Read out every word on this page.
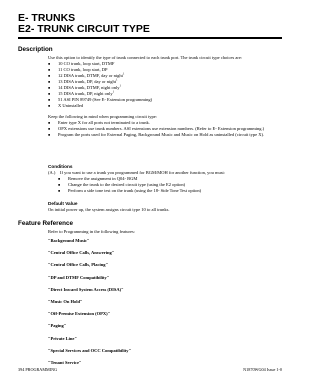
E- TRUNKS
E2- TRUNK CIRCUIT TYPE
Description
Use this option to identify the type of trunk connected to each trunk port. The trunk circuit type choices are:
■ 10 CO trunk, loop start, DTMF
■ 11 CO trunk, loop start, DP
■ 12 DISA trunk, DTMF, day or night$^1$
■ 13 DISA trunk, DP, day or night$^1$
■ 14 DISA trunk, DTMF, night only$^1$
■ 15 DISA trunk, DP, night only$^1$
■ 51 ASI PIN 89749 (See E- Extension programming)
■ X Uninstalled
Keep the following in mind when programming circuit type:
■ Enter type X for all ports not terminated to a trunk.
■ OPX extensions use trunk numbers. ASI extensions use extension numbers. (Refer to E- Extension programming.)
■ Program the ports used for External Paging, Background Music and Music on Hold as uninstalled (circuit type X).
Conditions
(A.)	If you want to use a trunk you programmed for BGM/MOH for another function, you must:
■ Remove the assignment in Q04- BGM
■ Change the trunk to the desired circuit type (using the E2 option)
■ Perform a side tone test on the trunk (using the 18- Side Tone Test option)
Default Value
On initial power up, the system assigns circuit type 10 to all trunks.
Feature Reference
Refer to Programming in the following features:
"Background Music"
"Central Office Calls, Answering"
"Central Office Calls, Placing"
"DP and DTMF Compatibility"
"Direct Inward System Access (DISA)"
"Music On Hold"
"Off-Premise Extension (OPX)"
"Paging"
"Private Line"
"Special Services and OCC Compatibility"
"Tenant Service"
394 PROGRAMMING	N1870WG04 Issue 1-0
